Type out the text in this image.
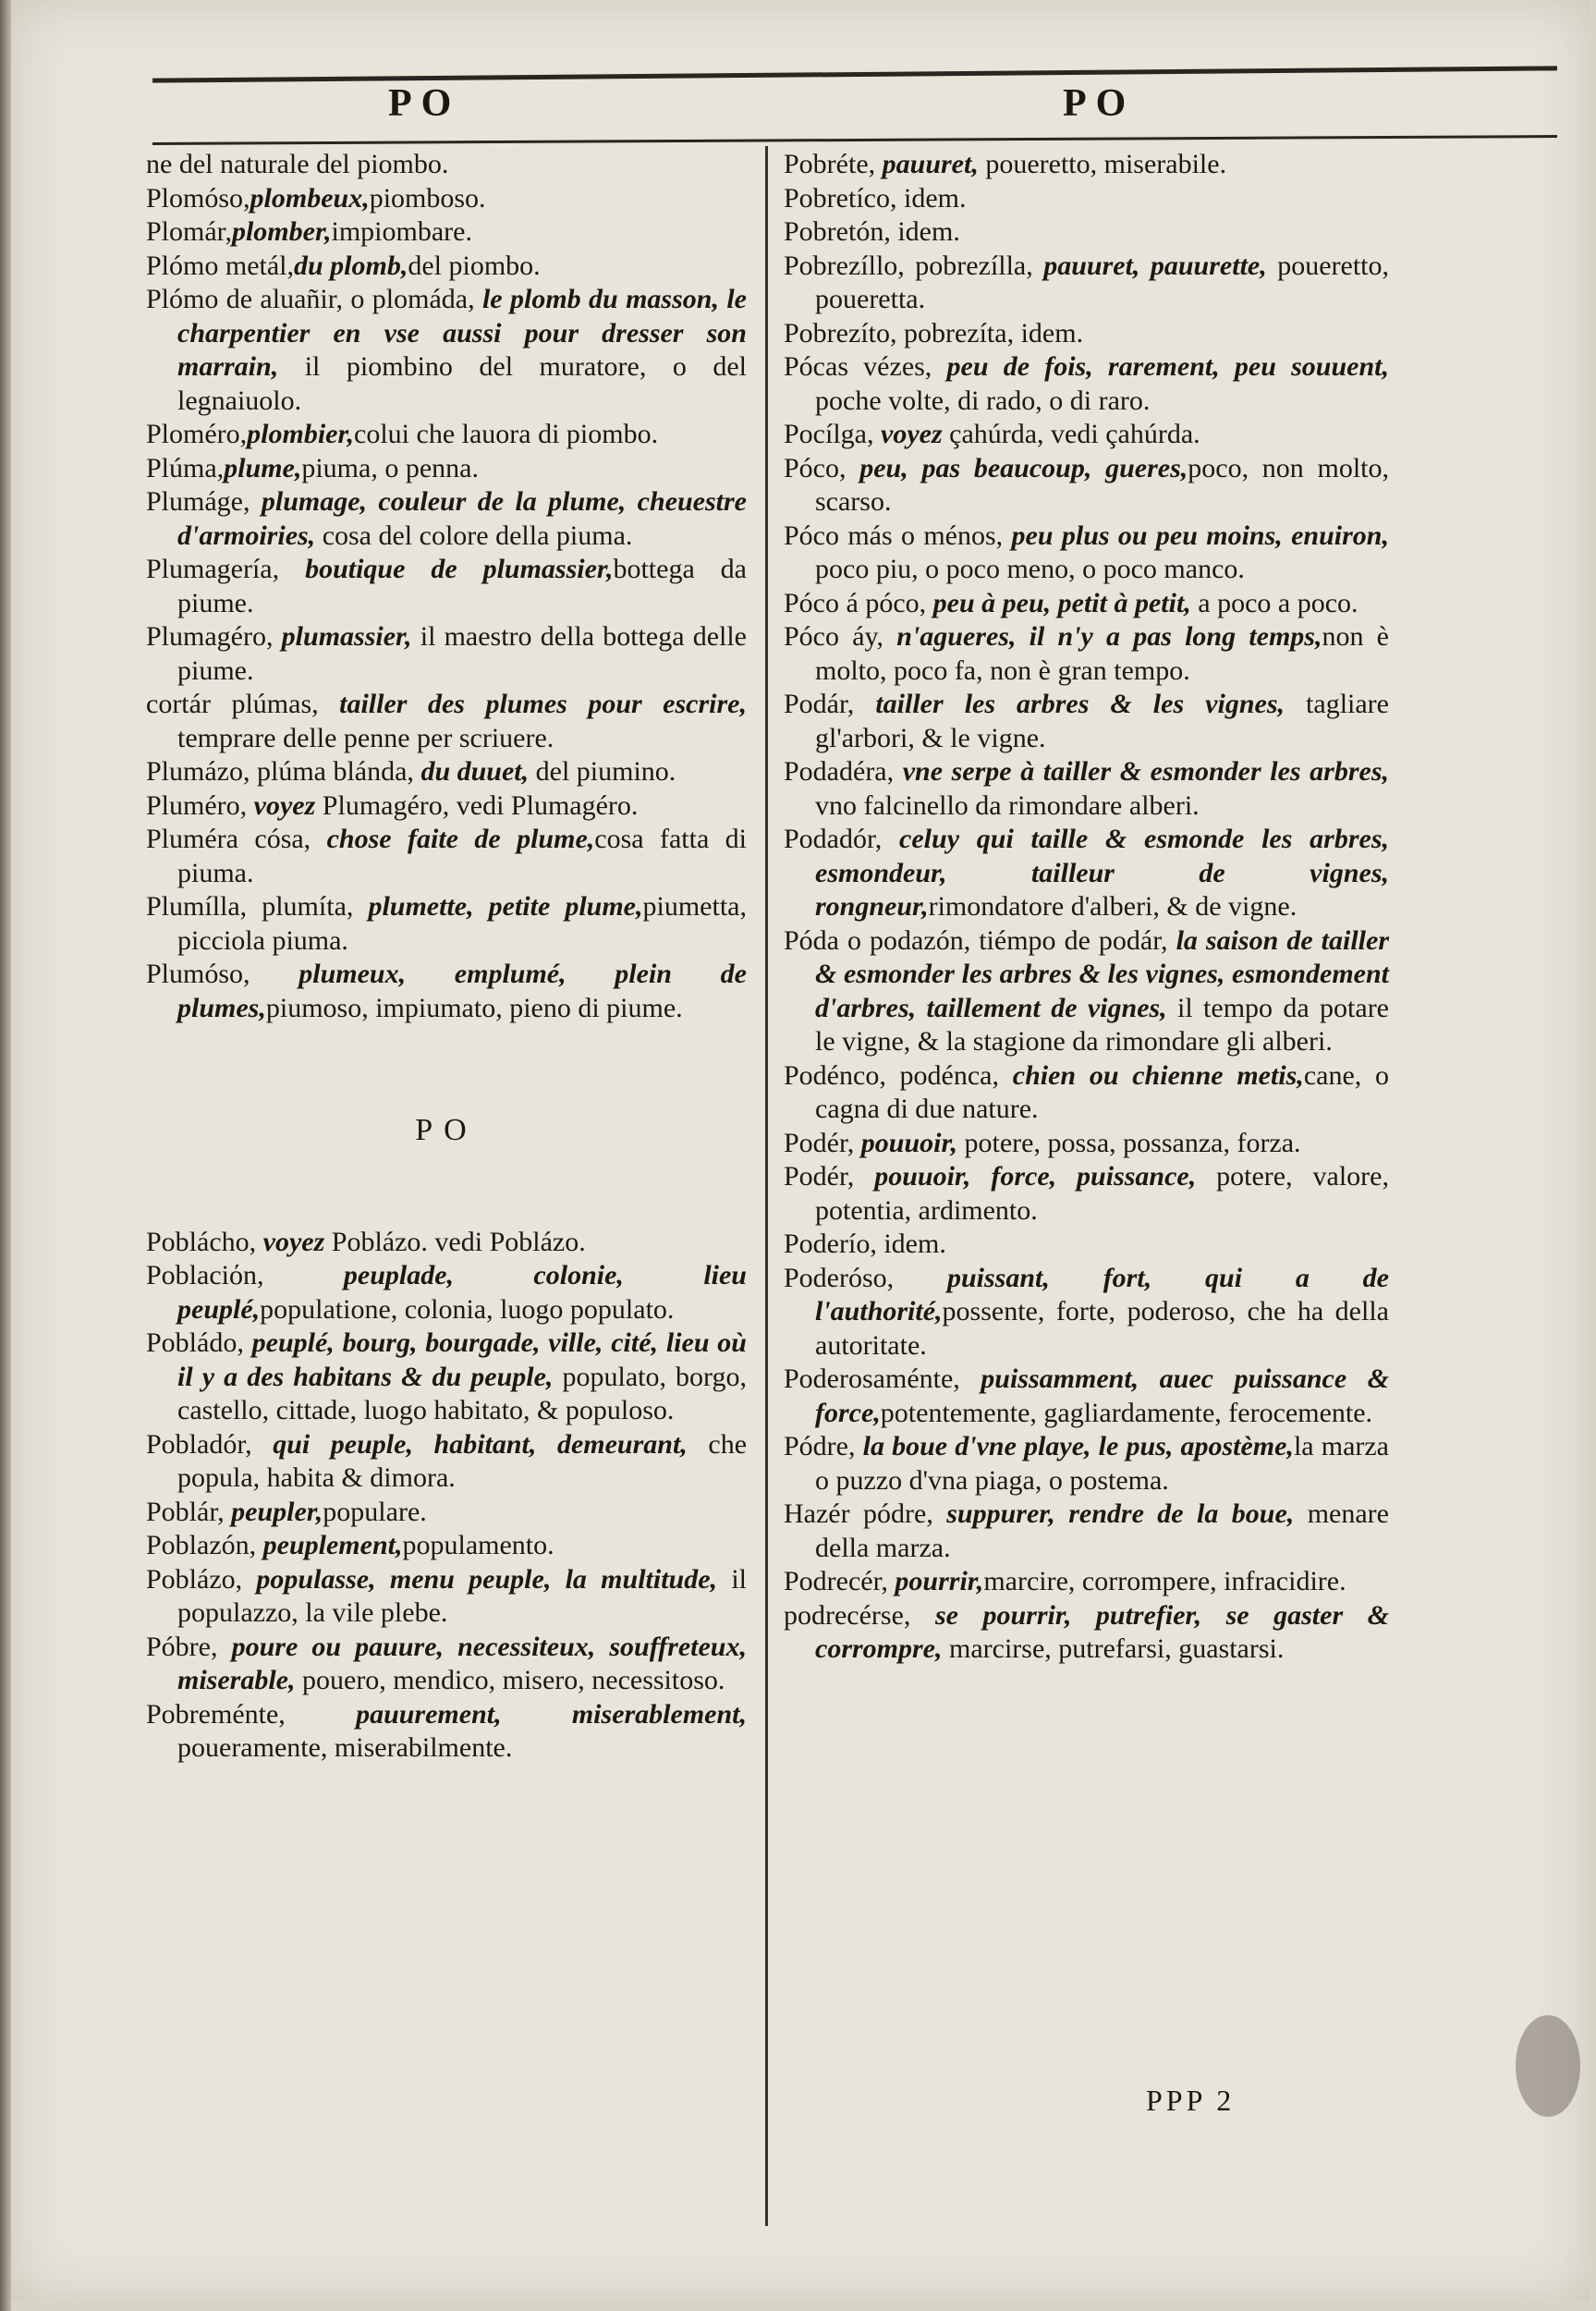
PO	PO

ne del naturale del piombo.

Plomóso,plombeux,piomboso.

Plomár,plomber,impiombare.

Plómo metál,du plomb,del piombo.

Plómo de aluañir, o plomáda, le plomb du masson, le charpentier en vse aussi pour dresser son marrain, il piombino del muratore, o del legnaiuolo.

Ploméro,plombier,colui che lauora di piombo.

Plúma,plume,piuma, o penna.

Plumáge, plumage, couleur de la plume, cheuestre d'armoiries, cosa del colore della piuma.

Plumagería, boutique de plumassier,bottega da piume.

Plumagéro, plumassier, il maestro della bottega delle piume.

cortár plúmas, tailler des plumes pour escrire, temprare delle penne per scriuere.

Plumázo, plúma blánda, du duuet, del piumino.

Pluméro, voyez Plumagéro, vedi Plumagéro.

Pluméra cósa, chose faite de plume,cosa fatta di piuma.

Plumílla, plumíta, plumette, petite plume,piumetta, picciola piuma.

Plumóso, plumeux, emplumé, plein de plumes,piumoso, impiumato, pieno di piume.

PO

Poblácho, voyez Poblázo. vedi Poblázo.

Poblaciόn, peuplade, colonie, lieu peuplé,populatione, colonia, luogo populato.

Pobládo, peuplé, bourg, bourgade, ville, cité, lieu où il y a des habitans & du peuple, populato, borgo, castello, cittade, luogo habitato, & populoso.

Pobladór, qui peuple, habitant, demeurant, che popula, habita & dimora.

Poblár, peupler,populare.

Poblazón, peuplement,populamento.

Poblázo, populasse, menu peuple, la multitude, il populazzo, la vile plebe.

Póbre, poure ou pauure, necessiteux, souffreteux, miserable, pouero, mendico, misero, necessitoso.

Pobreménte, pauurement, miserablement, poueramente, miserabilmente.

Pobréte, pauuret, poueretto, miserabile.

Pobretíco, idem.

Pobretón, idem.

Pobrezíllo, pobrezílla, pauuret, pauurette, poueretto, poueretta.

Pobrezíto, pobrezíta, idem.

Pócas vézes, peu de fois, rarement, peu souuent, poche volte, di rado, o di raro.

Pocílga, voyez çahúrda, vedi çahúrda.

Póco, peu, pas beaucoup, gueres,poco, non molto, scarso.

Póco más o ménos, peu plus ou peu moins, enuiron, poco piu, o poco meno, o poco manco.

Póco á póco, peu à peu, petit à petit, a poco a poco.

Póco áy, n'agueres, il n'y a pas long temps,non è molto, poco fa, non è gran tempo.

Podár, tailler les arbres & les vignes, tagliare gl'arbori, & le vigne.

Podadéra, vne serpe à tailler & esmonder les arbres, vno falcinello da rimondare alberi.

Podadór, celuy qui taille & esmonde les arbres, esmondeur, tailleur de vignes, rongneur,rimondatore d'alberi, & de vigne.

Póda o podazón, tiémpo de podár, la saison de tailler & esmonder les arbres & les vignes, esmondement d'arbres, taillement de vignes, il tempo da potare le vigne, & la stagione da rimondare gli alberi.

Podénco, podénca, chien ou chienne metis,cane, o cagna di due nature.

Podér, pouuoir, potere, possa, possanza, forza.

Podér, pouuoir, force, puissance, potere, valore, potentia, ardimento.

Poderío, idem.

Poderóso, puissant, fort, qui a de l'authorité,possente, forte, poderoso, che ha della autoritate.

Poderosaménte, puissamment, auec puissance & force,potentemente, gagliardamente, ferocemente.

Pódre, la boue d'vne playe, le pus, apostème,la marza o puzzo d'vna piaga, o postema.

Hazér pódre, suppurer, rendre de la boue, menare della marza.

Podrecér, pourrir,marcire, corrompere, infracidire.

podrecérse, se pourrir, putrefier, se gaster & corrompre, marcirse, putrefarsi, guastarsi.

PPP 2
